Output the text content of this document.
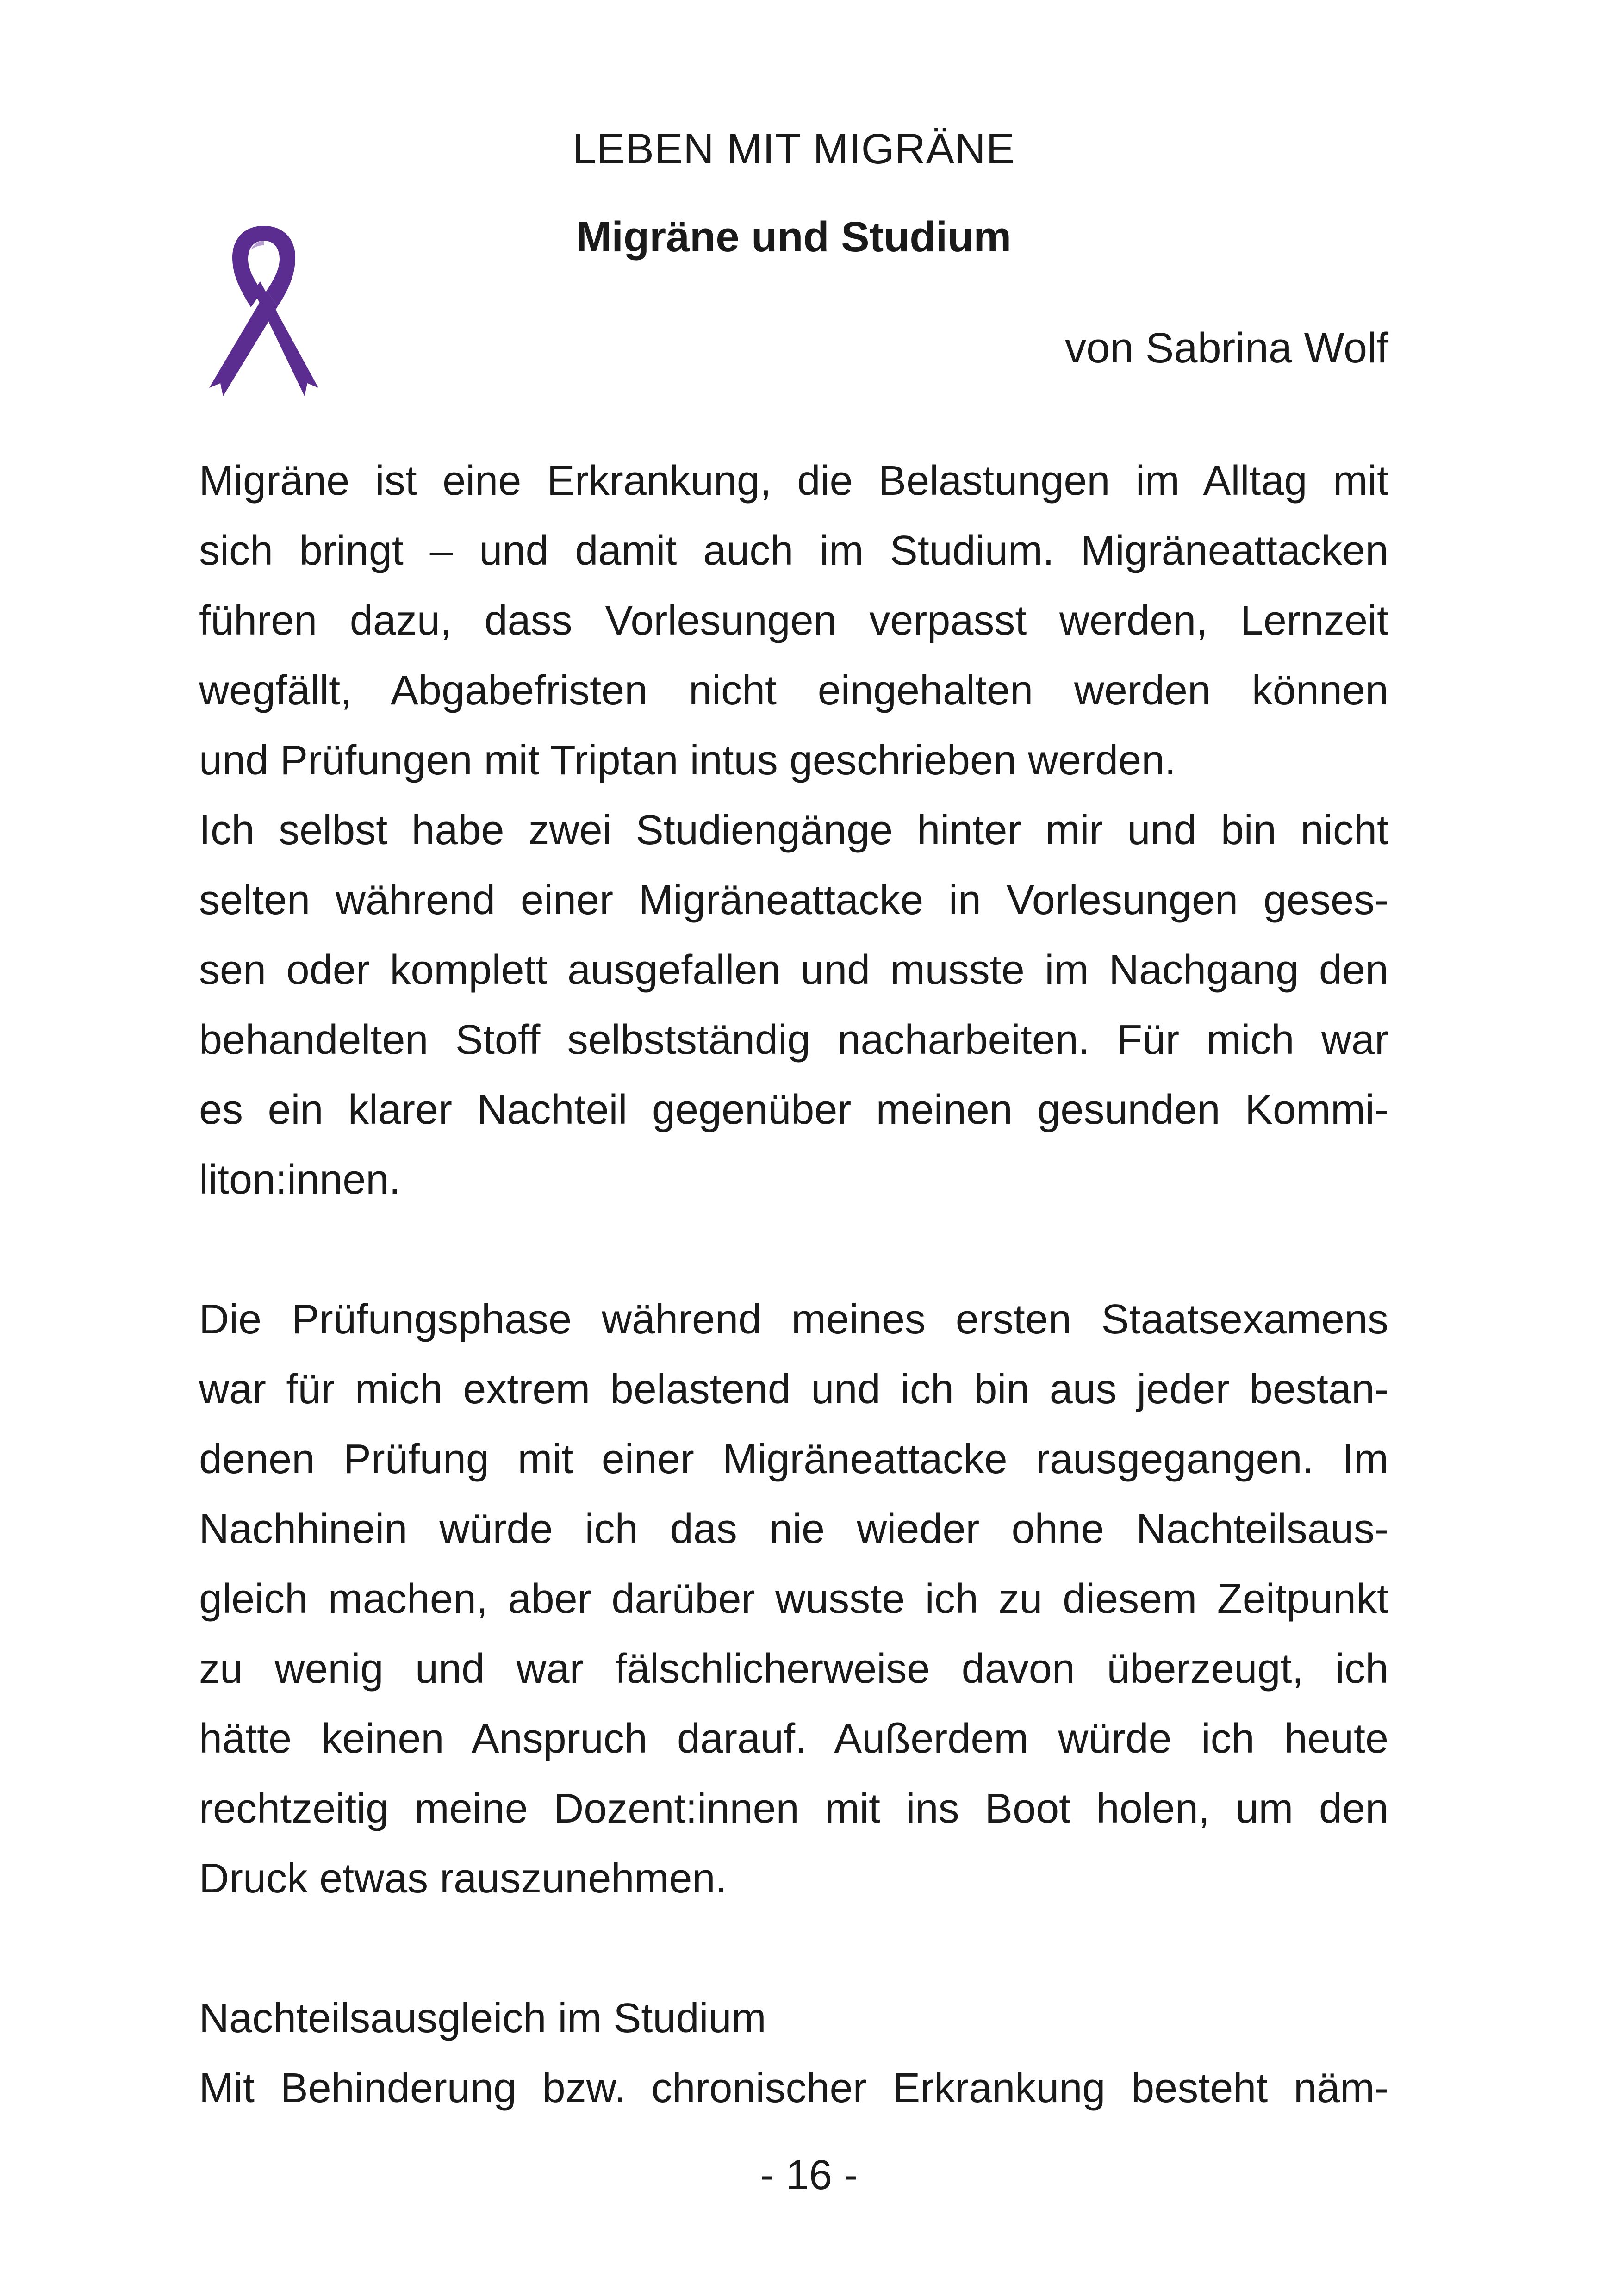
LEBEN MIT MIGRÄNE
Migräne und Studium
von Sabrina Wolf
Migräne ist eine Erkrankung, die Belastungen im Alltag mit
sich bringt – und damit auch im Studium. Migräneattacken
führen dazu, dass Vorlesungen verpasst werden, Lernzeit
wegfällt, Abgabefristen nicht eingehalten werden können
und Prüfungen mit Triptan intus geschrieben werden.
Ich selbst habe zwei Studiengänge hinter mir und bin nicht
selten während einer Migräneattacke in Vorlesungen geses-
sen oder komplett ausgefallen und musste im Nachgang den
behandelten Stoff selbstständig nacharbeiten. Für mich war
es ein klarer Nachteil gegenüber meinen gesunden Kommi-
liton:innen.
Die Prüfungsphase während meines ersten Staatsexamens
war für mich extrem belastend und ich bin aus jeder bestan-
denen Prüfung mit einer Migräneattacke rausgegangen. Im
Nachhinein würde ich das nie wieder ohne Nachteilsaus-
gleich machen, aber darüber wusste ich zu diesem Zeitpunkt
zu wenig und war fälschlicherweise davon überzeugt, ich
hätte keinen Anspruch darauf. Außerdem würde ich heute
rechtzeitig meine Dozent:innen mit ins Boot holen, um den
Druck etwas rauszunehmen.
Nachteilsausgleich im Studium
Mit Behinderung bzw. chronischer Erkrankung besteht näm-
- 16 -
